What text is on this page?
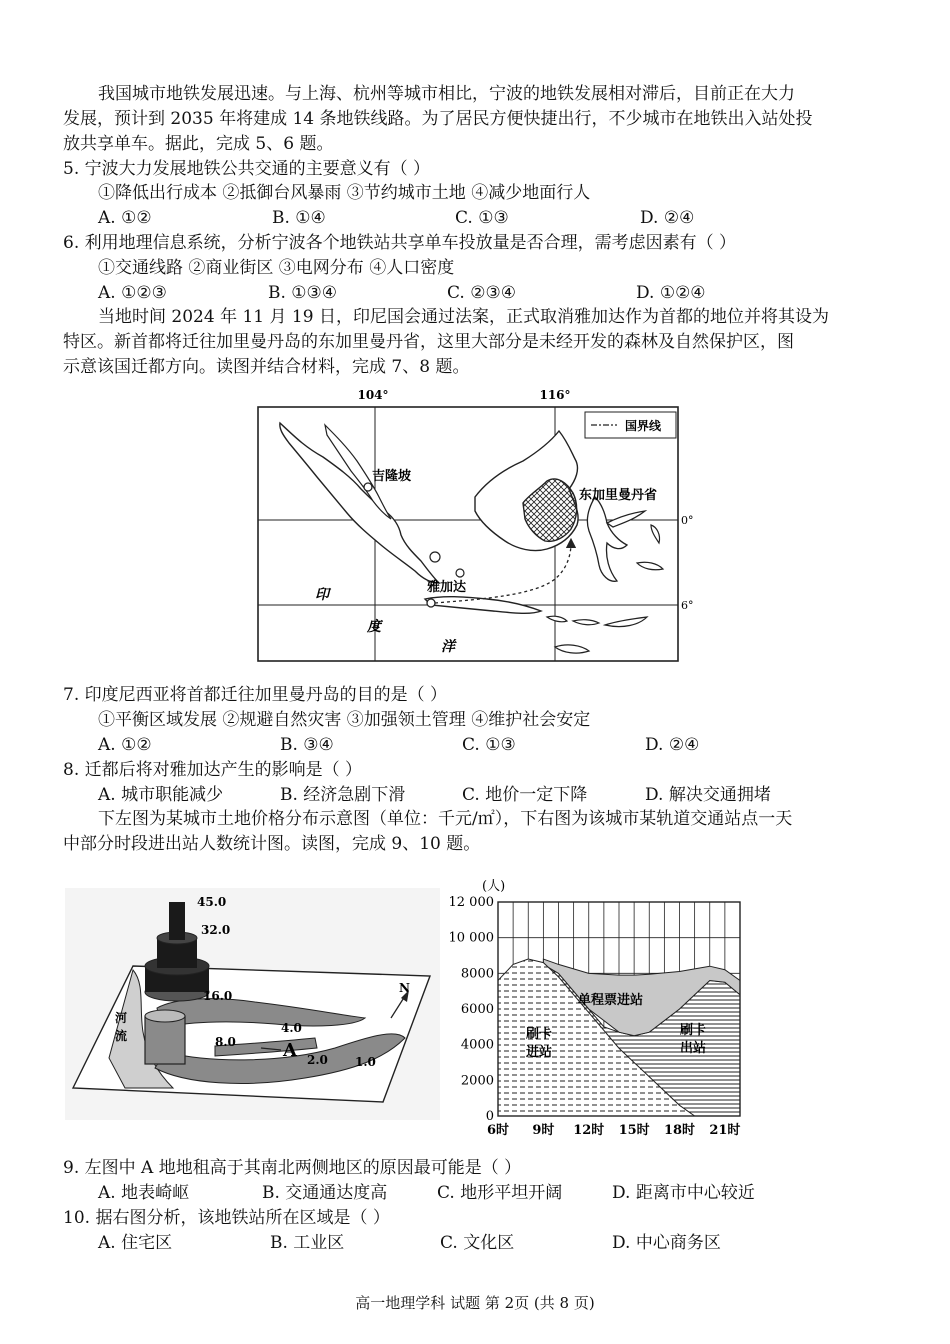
我国城市地铁发展迅速。与上海、杭州等城市相比，宁波的地铁发展相对滞后，目前正在大力
发展，预计到 2035 年将建成 14 条地铁线路。为了居民方便快捷出行，不少城市在地铁出入站处投
放共享单车。据此，完成 5、6 题。
5. 宁波大力发展地铁公共交通的主要意义有（ ）
①降低出行成本 ②抵御台风暴雨 ③节约城市土地 ④减少地面行人
A. ①②	B. ①④	C. ①③	D. ②④
6. 利用地理信息系统，分析宁波各个地铁站共享单车投放量是否合理，需考虑因素有（ ）
①交通线路 ②商业街区 ③电网分布 ④人口密度
A. ①②③	B. ①③④	C. ②③④	D. ①②④
当地时间 2024 年 11 月 19 日，印尼国会通过法案，正式取消雅加达作为首都的地位并将其设为
特区。新首都将迁往加里曼丹岛的东加里曼丹省，这里大部分是未经开发的森林及自然保护区，图
示意该国迁都方向。读图并结合材料，完成 7、8 题。
104°	116°
0°
6°
国界线
吉隆坡
东加里曼丹省
雅加达
印
度
洋
7. 印度尼西亚将首都迁往加里曼丹岛的目的是（ ）
①平衡区域发展 ②规避自然灾害 ③加强领土管理 ④维护社会安定
A. ①②	B. ③④	C. ①③	D. ②④
8. 迁都后将对雅加达产生的影响是（ ）
A. 城市职能减少	B. 经济急剧下滑	C. 地价一定下降	D. 解决交通拥堵
下左图为某城市土地价格分布示意图（单位：千元/㎡），下右图为该城市某轨道交通站点一天
中部分时段进出站人数统计图。读图，完成 9、10 题。
河
流
45.0
32.0
16.0
8.0
4.0
2.0 1.0
A
N
(人)
0
2000
4000
6000
8000
10 000
12 000
6时 9时 12时 15时 18时 21时
单程票进站
刷卡
进站
刷卡
出站
9. 左图中 A 地地租高于其南北两侧地区的原因最可能是（ ）
A. 地表崎岖	B. 交通通达度高	C. 地形平坦开阔	D. 距离市中心较近
10. 据右图分析，该地铁站所在区域是（ ）
A. 住宅区	B. 工业区	C. 文化区	D. 中心商务区
高一地理学科 试题 第 2页 (共 8 页)
